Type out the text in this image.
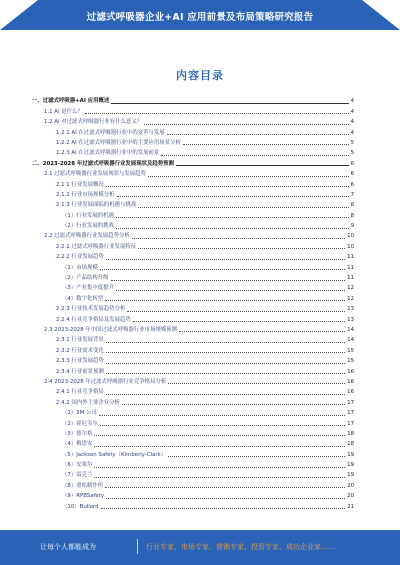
过滤式呼吸器企业+AI 应用前景及布局策略研究报告
内容目录
一、过滤式呼吸器+AI 应用概述	4
1.1 AI 是什么？	4
1.2 AI 对过滤式呼吸器行业有什么意义？	4
1.2.1 AI 在过滤式呼吸器行业中的变革与发展	4
1.2.2 AI 在过滤式呼吸器行业中的主要应用场景分析	5
1.2.3 AI 在过滤式呼吸器行业中的发展前景	5
二、2023-2028 年过滤式呼吸器行业发展现状及趋势预测	6
2.1 过滤式呼吸器行业发展现状与发展趋势	6
2.1.1 行业发展概况	6
2.1.2 行业市场规模分析	7
2.1.3 行业发展面临的机遇与挑战	8
（1）行业发展的机遇	8
（2）行业发展的挑战	9
2.2 过滤式呼吸器行业发展趋势分析	10
2.2.1 过滤式呼吸器行业发展特征	10
2.2.2 行业发展趋势	11
（1）市场规模	11
（2）产品结构升级	11
（3）产业集中度提升	12
（4）数字化转型	12
2.2.3 行业技术发展趋势分析	13
2.2.4 行业竞争格局及发展趋势	13
2.3 2023-2028 年中国过滤式呼吸器行业市场规模预测	14
2.3.1 行业发展背景	14
2.3.2 行业需求变化	15
2.3.3 行业发展趋势	15
2.3.4 行业前景预测	16
2.4 2023-2028 年过滤式呼吸器行业竞争格局分析	16
2.4.1 行业竞争格局	16
2.4.2 国内外主要企业分析	17
（1）3M 公司	17
（2）霍尼韦尔	17
（3）德尔格	18
（4）梅思安	18
（5）Jackson Safety（Kimberly-Clark）	19
（6）安塞尔	19
（7）雷克兰	19
（8）重松制作所	20
（9）RPBSafety	20
（10）Bullard	21
让每个人都能成为	行业专家、市场专家、营销专家、投资专家、成功企业家……
